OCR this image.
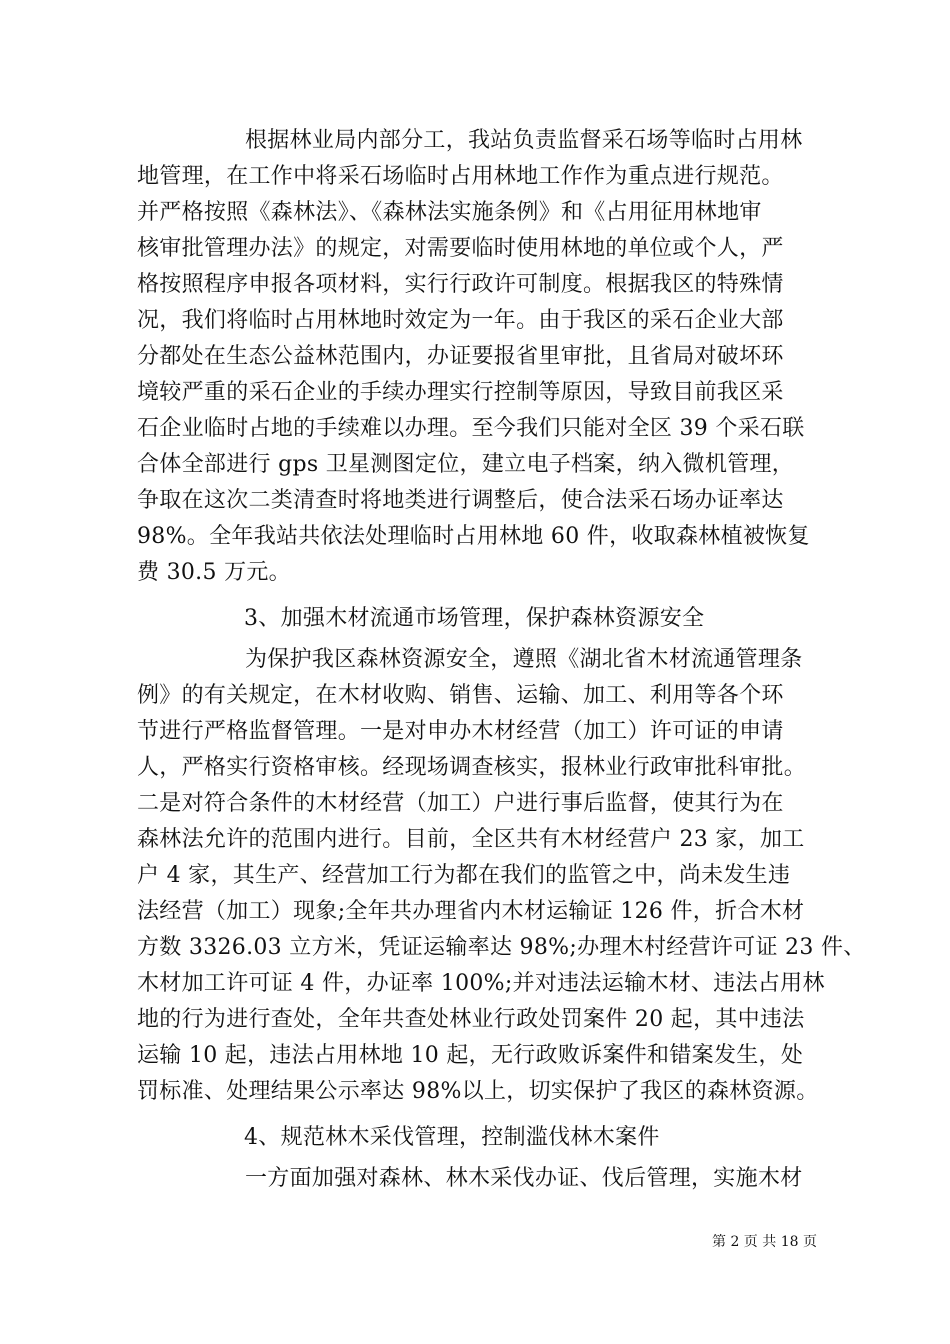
根据林业局内部分工，我站负责监督采石场等临时占用林
地管理，在工作中将采石场临时占用林地工作作为重点进行规范。
并严格按照《森林法》、《森林法实施条例》和《占用征用林地审
核审批管理办法》的规定，对需要临时使用林地的单位或个人，严
格按照程序申报各项材料，实行行政许可制度。根据我区的特殊情
况，我们将临时占用林地时效定为一年。由于我区的采石企业大部
分都处在生态公益林范围内，办证要报省里审批，且省局对破坏环
境较严重的采石企业的手续办理实行控制等原因，导致目前我区采
石企业临时占地的手续难以办理。至今我们只能对全区 39 个采石联
合体全部进行 gps 卫星测图定位，建立电子档案，纳入微机管理，
争取在这次二类清查时将地类进行调整后，使合法采石场办证率达
98%。全年我站共依法处理临时占用林地 60 件，收取森林植被恢复
费 30.5 万元。
3、加强木材流通市场管理，保护森林资源安全
为保护我区森林资源安全，遵照《湖北省木材流通管理条
例》的有关规定，在木材收购、销售、运输、加工、利用等各个环
节进行严格监督管理。一是对申办木材经营（加工）许可证的申请
人，严格实行资格审核。经现场调查核实，报林业行政审批科审批。
二是对符合条件的木材经营（加工）户进行事后监督，使其行为在
森林法允许的范围内进行。目前，全区共有木材经营户 23 家，加工
户 4 家，其生产、经营加工行为都在我们的监管之中，尚未发生违
法经营（加工）现象;全年共办理省内木材运输证 126 件，折合木材
方数 3326.03 立方米，凭证运输率达 98%;办理木村经营许可证 23 件、
木材加工许可证 4 件，办证率 100%;并对违法运输木材、违法占用林
地的行为进行查处，全年共查处林业行政处罚案件 20 起，其中违法
运输 10 起，违法占用林地 10 起，无行政败诉案件和错案发生，处
罚标准、处理结果公示率达 98%以上，切实保护了我区的森林资源。
4、规范林木采伐管理，控制滥伐林木案件
一方面加强对森林、林木采伐办证、伐后管理，实施木材
第 2 页 共 18 页
